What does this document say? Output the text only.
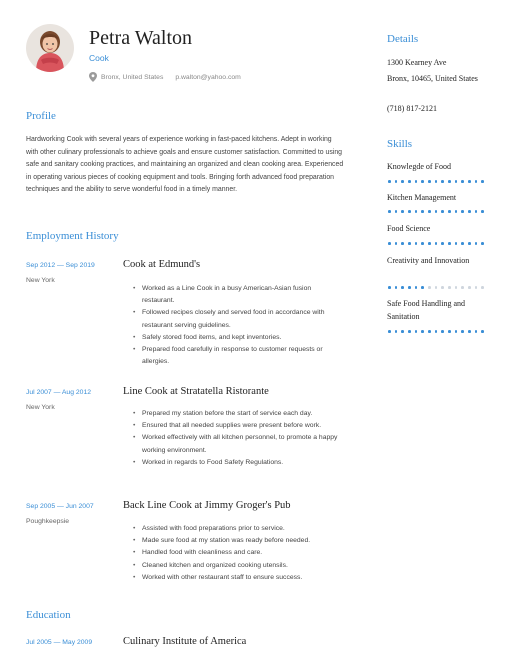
Petra Walton
Cook
Bronx, United States p.walton@yahoo.com
Profile
Hardworking Cook with several years of experience working in fast-paced kitchens. Adept in working with other culinary professionals to achieve goals and ensure customer satisfaction. Committed to using safe and sanitary cooking practices, and maintaining an organized and clean cooking area. Experienced in operating various pieces of cooking equipment and tools. Bringing forth advanced food preparation techniques and the ability to serve wonderful food in a timely manner.
Employment History
Sep 2012 — Sep 2019
New York
Cook at Edmund's
• Worked as a Line Cook in a busy American-Asian fusion restaurant.
• Followed recipes closely and served food in accordance with restaurant serving guidelines.
• Safely stored food items, and kept inventories.
• Prepared food carefully in response to customer requests or allergies.
Jul 2007 — Aug 2012
New York
Line Cook at Stratatella Ristorante
• Prepared my station before the start of service each day.
• Ensured that all needed supplies were present before work.
• Worked effectively with all kitchen personnel, to promote a happy working environment.
• Worked in regards to Food Safety Regulations.
Sep 2005 — Jun 2007
Poughkeepsie
Back Line Cook at Jimmy Groger's Pub
• Assisted with food preparations prior to service.
• Made sure food at my station was ready before needed.
• Handled food with cleanliness and care.
• Cleaned kitchen and organized cooking utensils.
• Worked with other restaurant staff to ensure success.
Education
Jul 2005 — May 2009	Culinary Institute of America
Details
1300 Kearney Ave
Bronx, 10465, United States
(718) 817-2121
Skills
Knowlegde of Food
Kitchen Management
Food Science
Creativity and Innovation
Safe Food Handling and Sanitation
